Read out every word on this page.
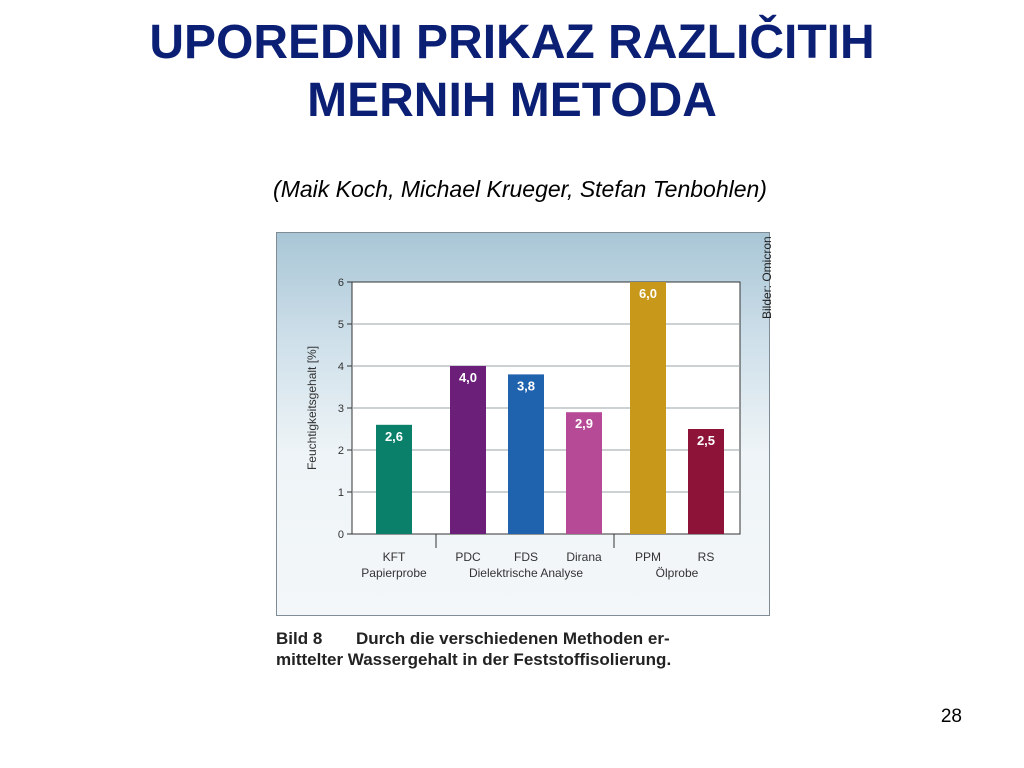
UPOREDNI PRIKAZ RAZLIČITIH
MERNIH METODA
(Maik Koch, Michael Krueger, Stefan Tenbohlen)
Bilder: Omicron
0
1
2
3
4
5
6
2,6
4,0
3,8
2,9
6,0
2,5
KFT	PDC	FDS Dirana	PPM	RS
Papierprobe	Dielektrische Analyse	Ölprobe
Feuchtigkeitsgehalt [%]
Bild 8 Durch die verschiedenen Methoden er-
mittelter Wassergehalt in der Feststoffisolierung.
28
